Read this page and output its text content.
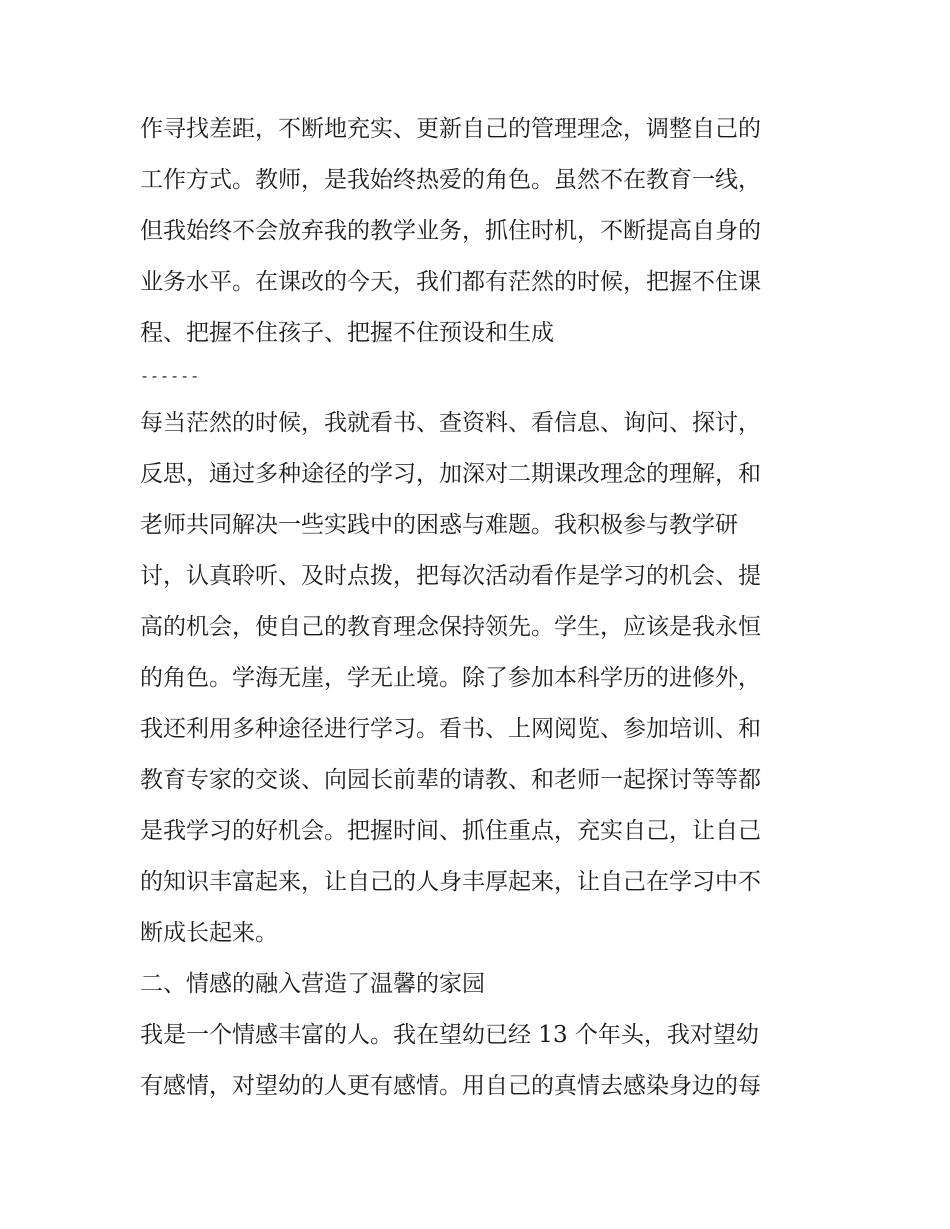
作寻找差距，不断地充实、更新自己的管理理念，调整自己的
工作方式。教师，是我始终热爱的角色。虽然不在教育一线，
但我始终不会放弃我的教学业务，抓住时机，不断提高自身的
业务水平。在课改的今天，我们都有茫然的时候，把握不住课
程、把握不住孩子、把握不住预设和生成
------
每当茫然的时候，我就看书、查资料、看信息、询问、探讨，
反思，通过多种途径的学习，加深对二期课改理念的理解，和
老师共同解决一些实践中的困惑与难题。我积极参与教学研
讨，认真聆听、及时点拨，把每次活动看作是学习的机会、提
高的机会，使自己的教育理念保持领先。学生，应该是我永恒
的角色。学海无崖，学无止境。除了参加本科学历的进修外，
我还利用多种途径进行学习。看书、上网阅览、参加培训、和
教育专家的交谈、向园长前辈的请教、和老师一起探讨等等都
是我学习的好机会。把握时间、抓住重点，充实自己，让自己
的知识丰富起来，让自己的人身丰厚起来，让自己在学习中不
断成长起来。
二、情感的融入营造了温馨的家园
我是一个情感丰富的人。我在望幼已经 13 个年头，我对望幼
有感情，对望幼的人更有感情。用自己的真情去感染身边的每
